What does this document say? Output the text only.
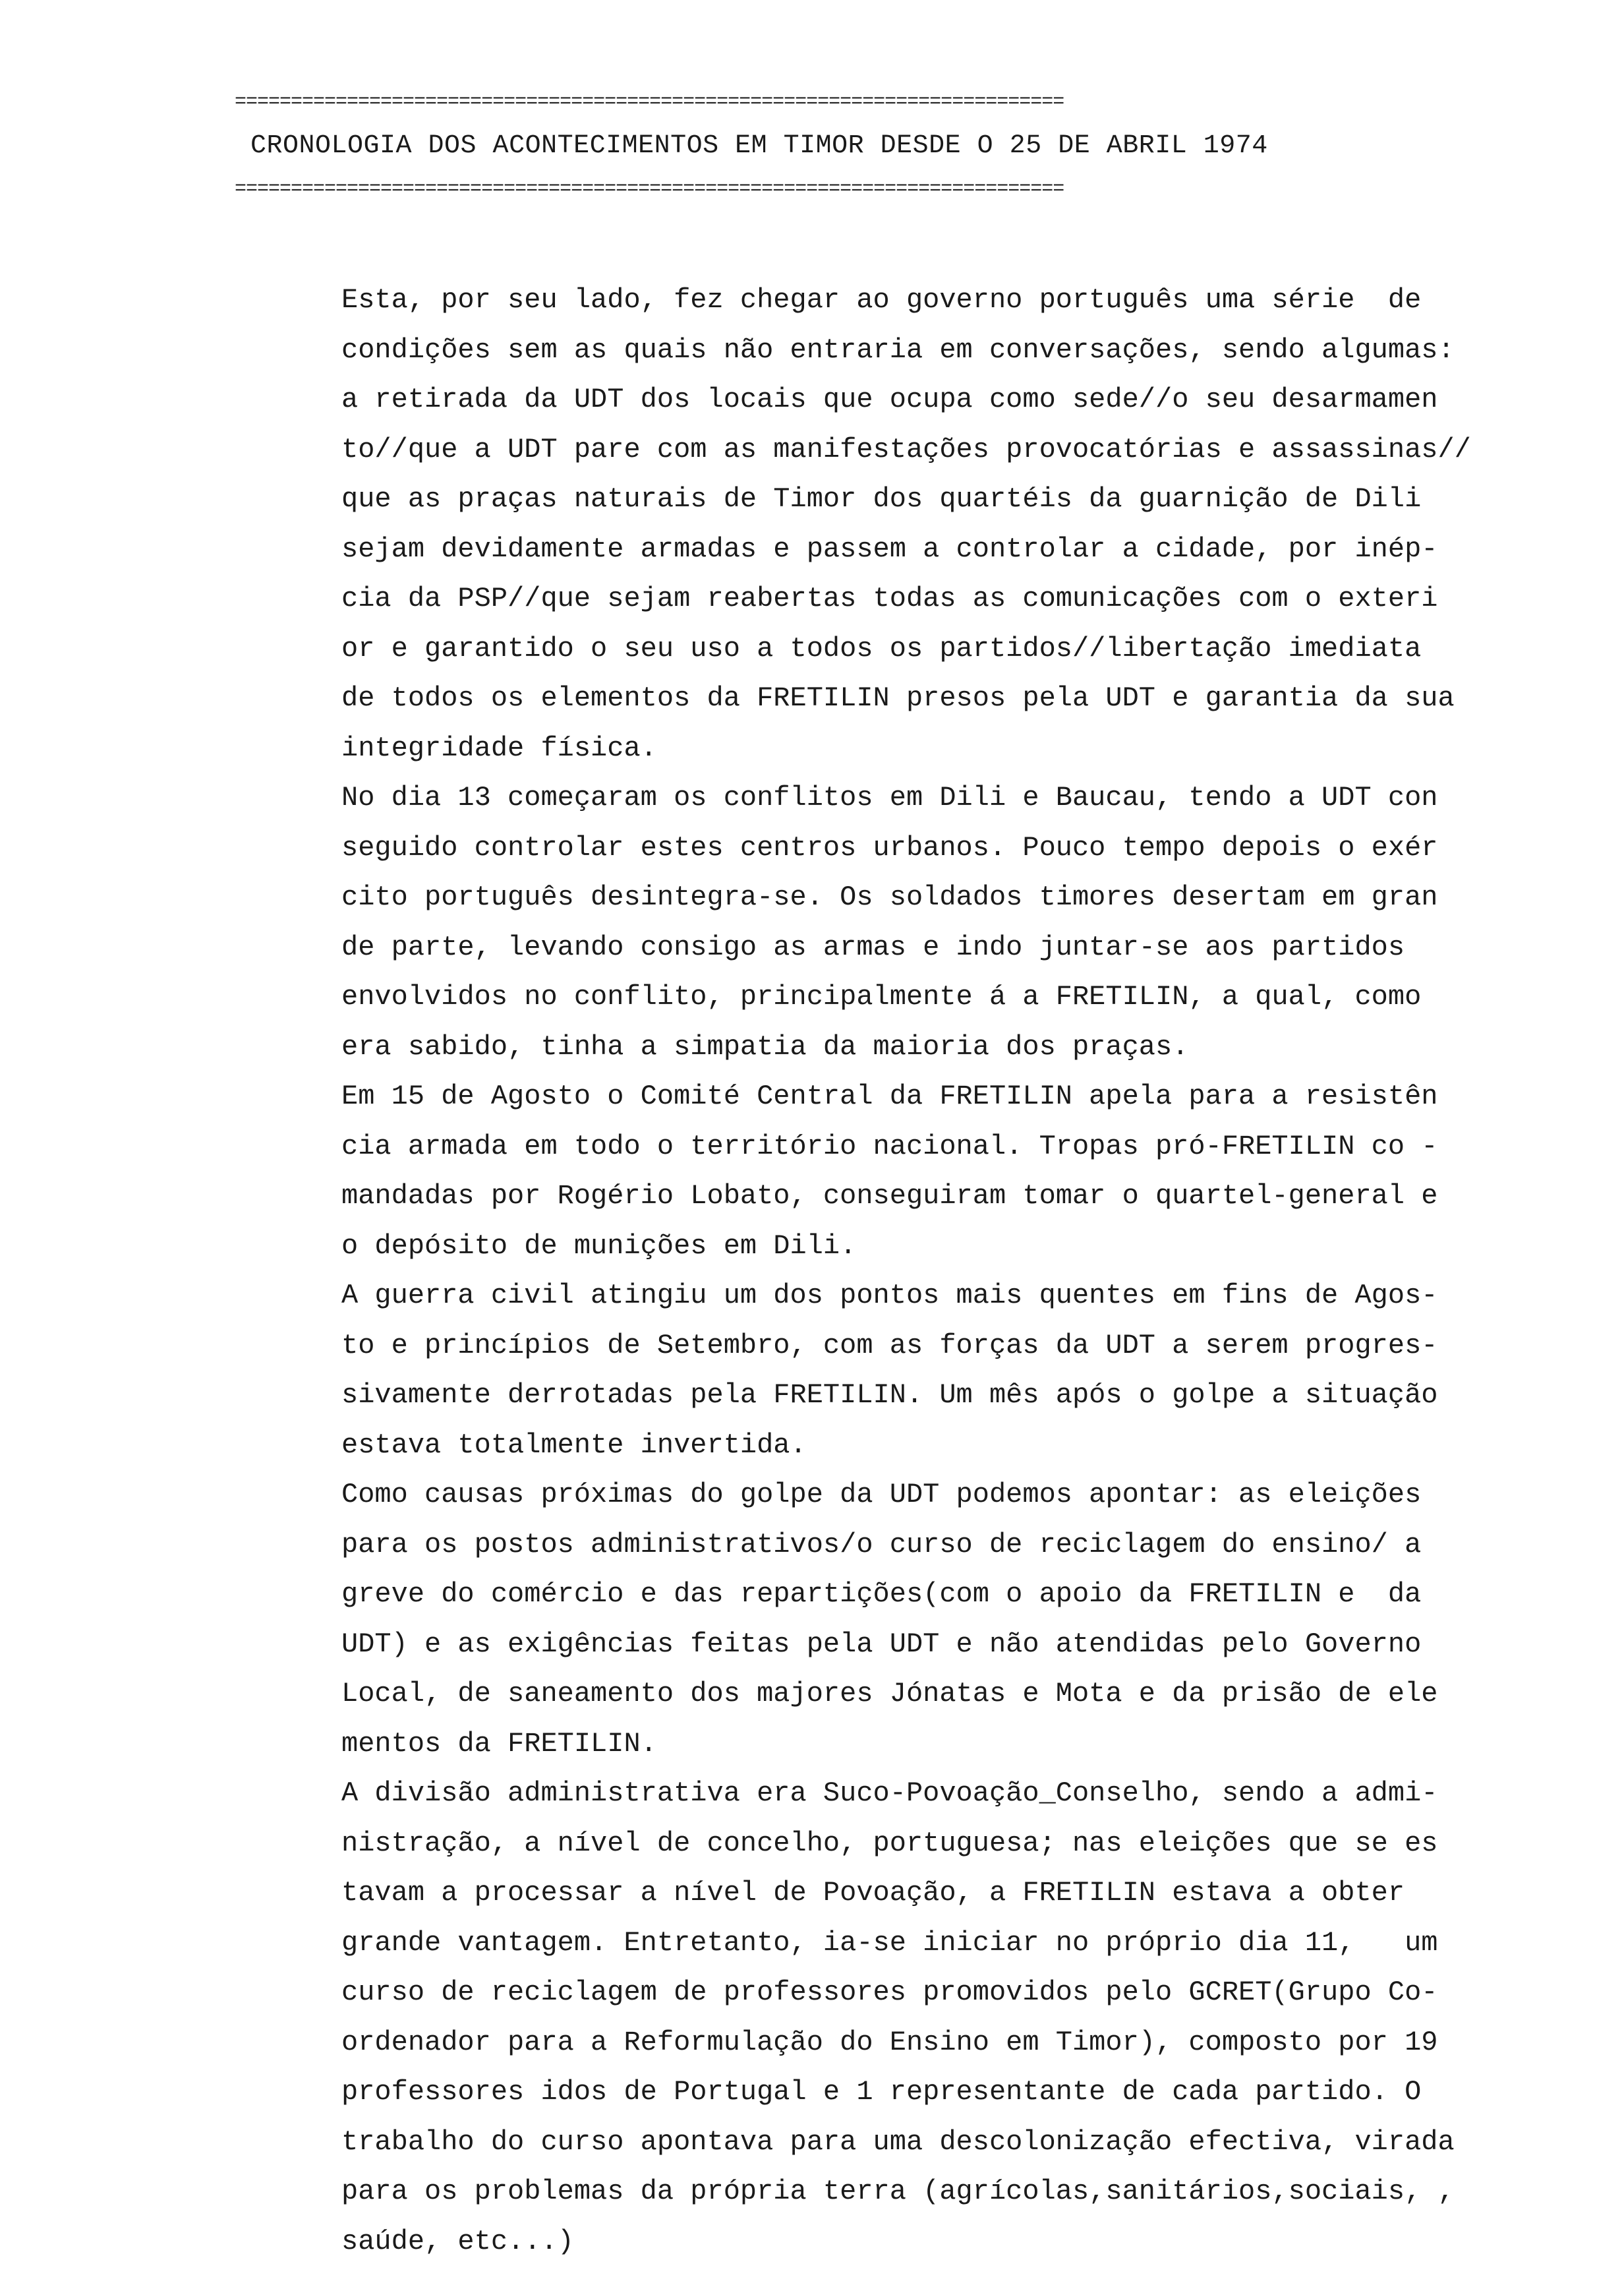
==========================================================================
CRONOLOGIA DOS ACONTECIMENTOS EM TIMOR DESDE O 25 DE ABRIL 1974
==========================================================================
Esta, por seu lado, fez chegar ao governo português uma série  de
condições sem as quais não entraria em conversações, sendo algumas:
a retirada da UDT dos locais que ocupa como sede//o seu desarmamen
to//que a UDT pare com as manifestações provocatórias e assassinas//
que as praças naturais de Timor dos quartéis da guarnição de Dili
sejam devidamente armadas e passem a controlar a cidade, por inép-
cia da PSP//que sejam reabertas todas as comunicações com o exteri
or e garantido o seu uso a todos os partidos//libertação imediata
de todos os elementos da FRETILIN presos pela UDT e garantia da sua
integridade física.
No dia 13 começaram os conflitos em Dili e Baucau, tendo a UDT con
seguido controlar estes centros urbanos. Pouco tempo depois o exér
cito português desintegra-se. Os soldados timores desertam em gran
de parte, levando consigo as armas e indo juntar-se aos partidos
envolvidos no conflito, principalmente á a FRETILIN, a qual, como
era sabido, tinha a simpatia da maioria dos praças.
Em 15 de Agosto o Comité Central da FRETILIN apela para a resistên
cia armada em todo o território nacional. Tropas pró-FRETILIN co -
mandadas por Rogério Lobato, conseguiram tomar o quartel-general e
o depósito de munições em Dili.
A guerra civil atingiu um dos pontos mais quentes em fins de Agos-
to e princípios de Setembro, com as forças da UDT a serem progres-
sivamente derrotadas pela FRETILIN. Um mês após o golpe a situação
estava totalmente invertida.
Como causas próximas do golpe da UDT podemos apontar: as eleições
para os postos administrativos/o curso de reciclagem do ensino/ a
greve do comércio e das repartições(com o apoio da FRETILIN e  da
UDT) e as exigências feitas pela UDT e não atendidas pelo Governo
Local, de saneamento dos majores Jónatas e Mota e da prisão de ele
mentos da FRETILIN.
A divisão administrativa era Suco-Povoação_Conselho, sendo a admi-
nistração, a nível de concelho, portuguesa; nas eleições que se es
tavam a processar a nível de Povoação, a FRETILIN estava a obter
grande vantagem. Entretanto, ia-se iniciar no próprio dia 11,   um
curso de reciclagem de professores promovidos pelo GCRET(Grupo Co-
ordenador para a Reformulação do Ensino em Timor), composto por 19
professores idos de Portugal e 1 representante de cada partido. O
trabalho do curso apontava para uma descolonização efectiva, virada
para os problemas da própria terra (agrícolas,sanitários,sociais, ,
saúde, etc...)
